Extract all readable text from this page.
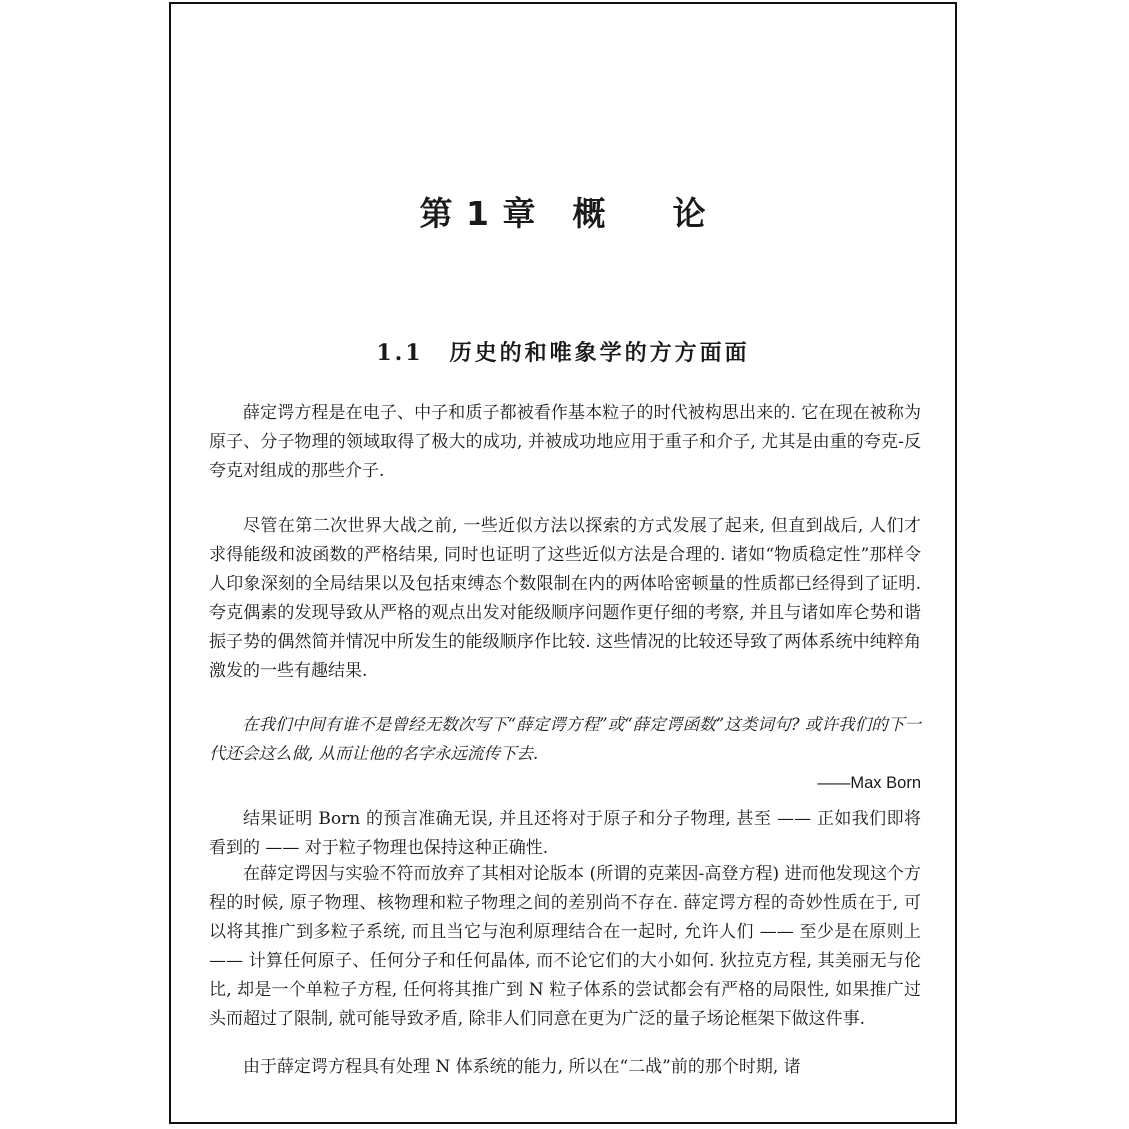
第 1 章 概 论
1.1 历史的和唯象学的方方面面

薛定谔方程是在电子、中子和质子都被看作基本粒子的时代被构思出来的. 它在现在被称为原子、分子物理的领域取得了极大的成功, 并被成功地应用于重子和介子, 尤其是由重的夸克-反夸克对组成的那些介子.

尽管在第二次世界大战之前, 一些近似方法以探索的方式发展了起来, 但直到战后, 人们才求得能级和波函数的严格结果, 同时也证明了这些近似方法是合理的. 诸如“物质稳定性”那样令人印象深刻的全局结果以及包括束缚态个数限制在内的两体哈密顿量的性质都已经得到了证明. 夸克偶素的发现导致从严格的观点出发对能级顺序问题作更仔细的考察, 并且与诸如库仑势和谐振子势的偶然简并情况中所发生的能级顺序作比较. 这些情况的比较还导致了两体系统中纯粹角激发的一些有趣结果.

在我们中间有谁不是曾经无数次写下“薛定谔方程”或“薛定谔函数”这类词句? 或许我们的下一代还会这么做, 从而让他的名字永远流传下去.

——Max Born

结果证明 Born 的预言准确无误, 并且还将对于原子和分子物理, 甚至 —— 正如我们即将看到的 —— 对于粒子物理也保持这种正确性.

在薛定谔因与实验不符而放弃了其相对论版本 (所谓的克莱因-高登方程) 进而他发现这个方程的时候, 原子物理、核物理和粒子物理之间的差别尚不存在. 薛定谔方程的奇妙性质在于, 可以将其推广到多粒子系统, 而且当它与泡利原理结合在一起时, 允许人们 —— 至少是在原则上 —— 计算任何原子、任何分子和任何晶体, 而不论它们的大小如何. 狄拉克方程, 其美丽无与伦比, 却是一个单粒子方程, 任何将其推广到 N 粒子体系的尝试都会有严格的局限性, 如果推广过头而超过了限制, 就可能导致矛盾, 除非人们同意在更为广泛的量子场论框架下做这件事.

由于薛定谔方程具有处理 N 体系统的能力, 所以在“二战”前的那个时期, 诸
